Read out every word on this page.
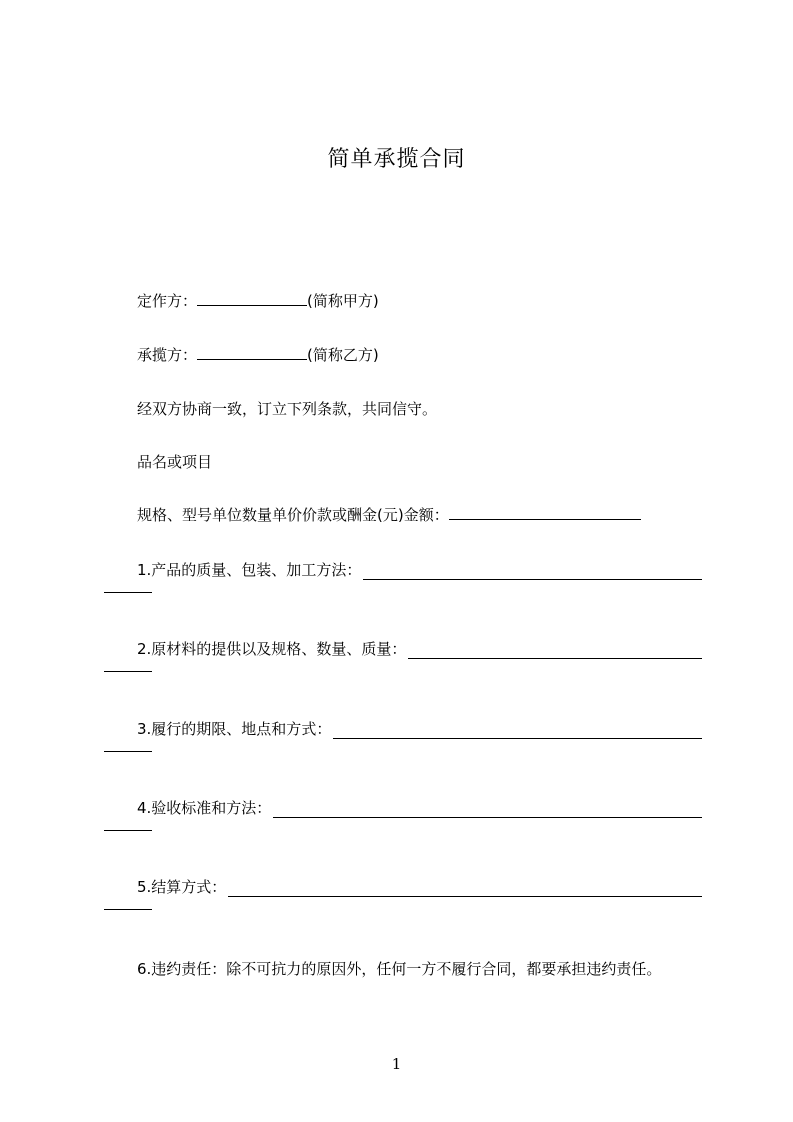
简单承揽合同
定作方：	(简称甲方)
承揽方：	(简称乙方)
经双方协商一致，订立下列条款，共同信守。
品名或项目
规格、型号单位数量单价价款或酬金(元)金额：
1.产品的质量、包装、加工方法：
2.原材料的提供以及规格、数量、质量：
3.履行的期限、地点和方式：
4.验收标准和方法：
5.结算方式：
6.违约责任：除不可抗力的原因外，任何一方不履行合同，都要承担违约责任。
1
